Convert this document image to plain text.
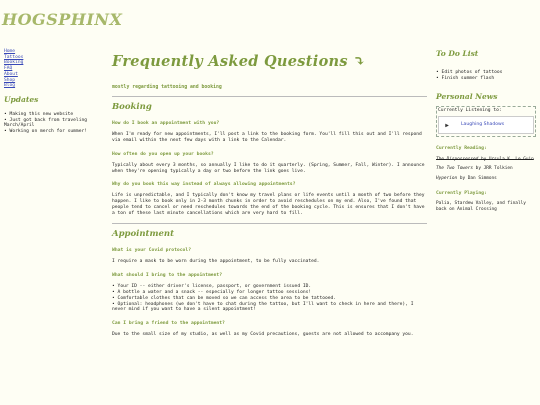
HOGSPHINX
Home
Tattoos
Booking
FAQ
About
Shop
Blog
Updates
• Making this new website
• Just got back from traveling March/April
• Working on merch for summer!
Frequently Asked Questions ⤵
mostly regarding tattooing and booking
Booking
How do I book an appointment with you?

When I'm ready for new appointments, I'll post a link to the booking form. You'll fill this out and I'll respond via email within the next few days with a link to the Calendar.

How often do you open up your books?

Typically about every 3 months, so annually I like to do it quarterly. (Spring, Summer, Fall, Winter). I announce when they're opening typically a day or two before the link goes live.

Why do you book this way instead of always allowing appointments?

Life is unpredictable, and I typically don't know my travel plans or life events until a month of two before they happen. I like to book only in 2-3 month chunks in order to avoid reschedules on my end. Also, I've found that people tend to cancel or need reschedules towards the end of the booking cycle. This is ensures that I don't have a ton of these last minute cancellations which are very hard to fill.

Appointment
What is your Covid protocol?

I require a mask to be worn during the appointment, to be fully vaccinated.

What should I bring to the appointment?
• Your ID -- either driver's license, passport, or government issued ID.
• A bottle a water and a snack -- especially for longer tattoo sessions!
• Comfortable clothes that can be moved so we can access the area to be tattooed.
• Optional: headphones (we don't have to chat during the tattoo, but I'll want to check in here and there), I never mind if you want to have a silent appointment!
Can I bring a friend to the appointment?

Due to the small size of my studio, as well as my Covid precautions, guests are not allowed to accompany you.

To Do List
• Edit photos of tattoos
• Finish summer flash
Personal News
Currently Listening to:
▶	Laughing Shadows
Currently Reading:
The Dispossessed by Ursula K. Le Guin
The Two Towers by JRR Tolkien
Hyperion by Dan Simmons
Currently Playing:
Palia, Stardew Valley, and finally back on Animal Crossing
